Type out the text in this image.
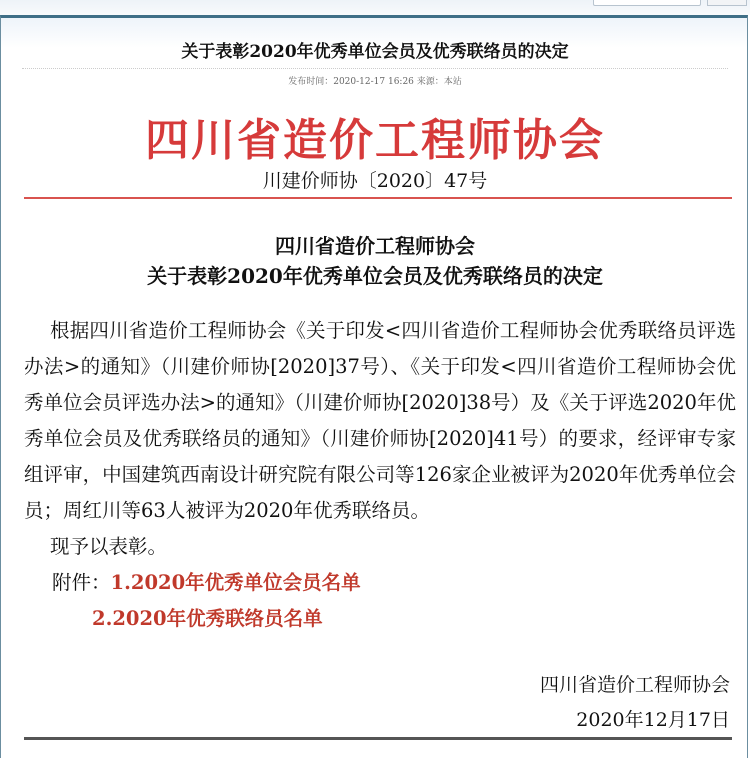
关于表彰2020年优秀单位会员及优秀联络员的决定
发布时间：2020-12-17 16:26 来源：本站
四川省造价工程师协会
川建价师协〔2020〕47号
四川省造价工程师协会
关于表彰2020年优秀单位会员及优秀联络员的决定

根据四川省造价工程师协会《关于印发<四川省造价工程师协会优秀联络员评选办法>的通知》（川建价师协[2020]37号）、《关于印发<四川省造价工程师协会优秀单位会员评选办法>的通知》（川建价师协[2020]38号）及《关于评选2020年优秀单位会员及优秀联络员的通知》（川建价师协[2020]41号）的要求，经评审专家组评审，中国建筑西南设计研究院有限公司等126家企业被评为2020年优秀单位会员；周红川等63人被评为2020年优秀联络员。

现予以表彰。

附件：1.2020年优秀单位会员名单

2.2020年优秀联络员名单

四川省造价工程师协会
2020年12月17日
